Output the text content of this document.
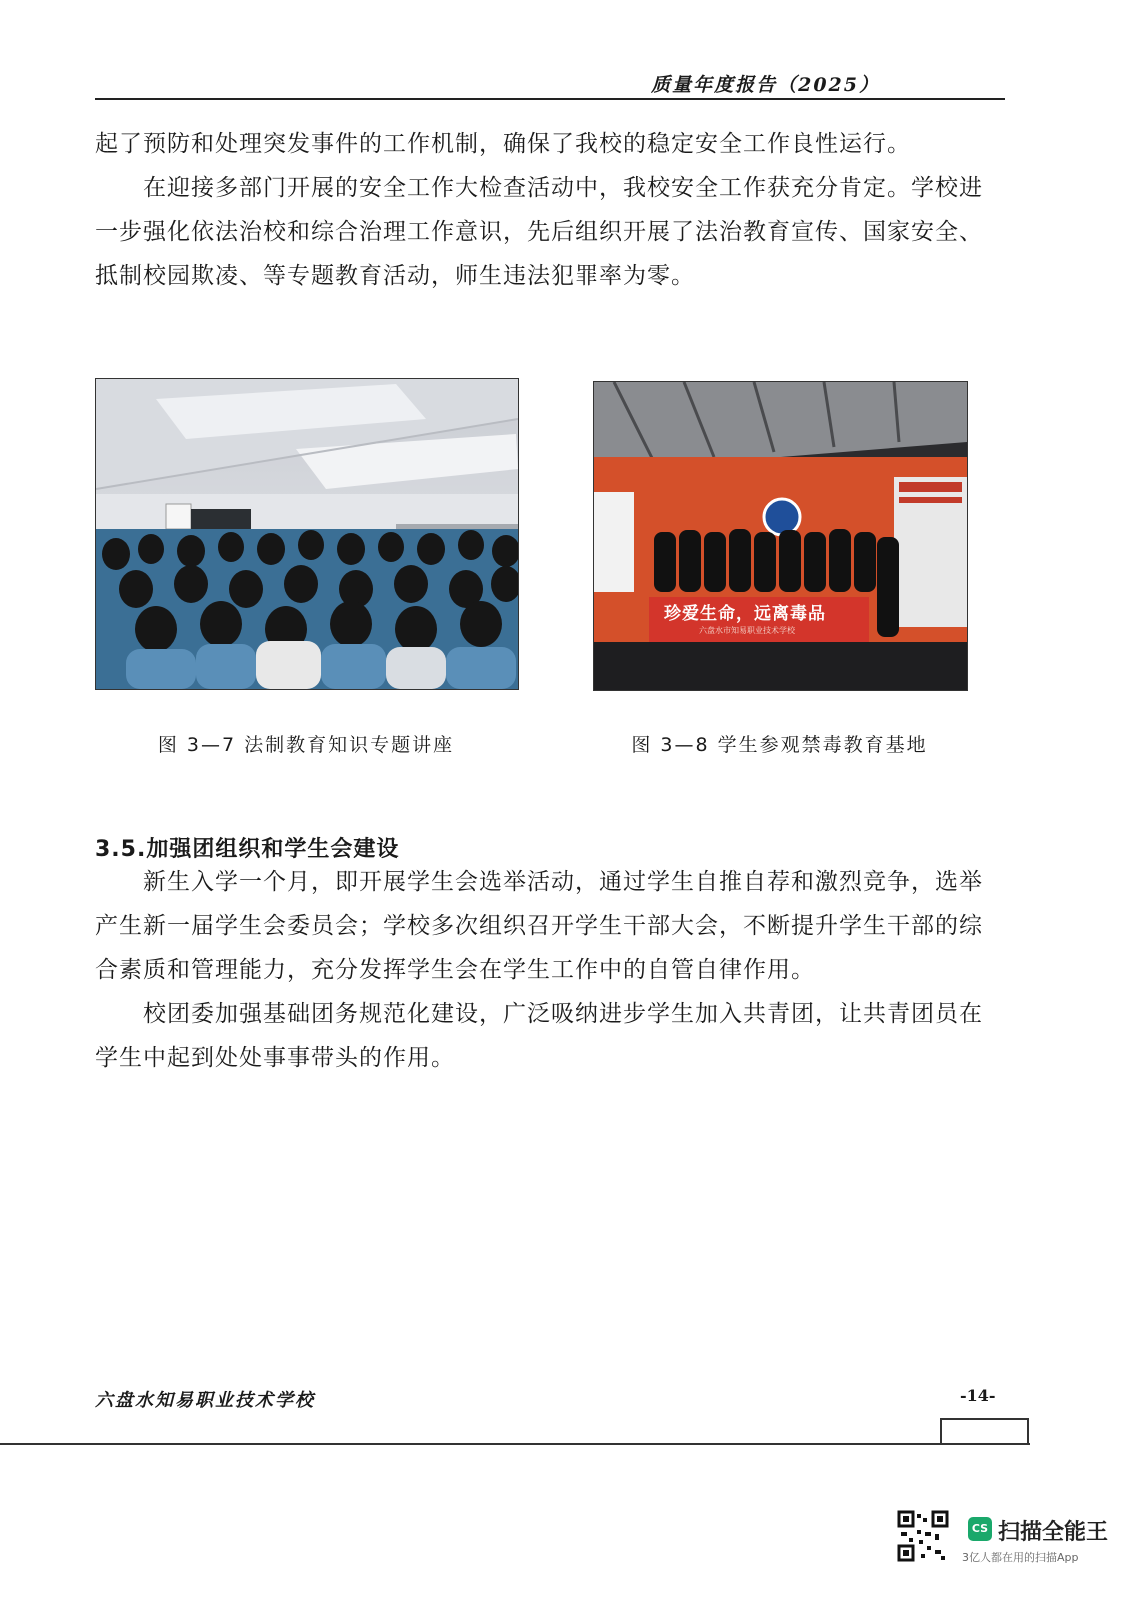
质量年度报告（2025）

起了预防和处理突发事件的工作机制，确保了我校的稳定安全工作良性运行。

在迎接多部门开展的安全工作大检查活动中，我校安全工作获充分肯定。学校进一步强化依法治校和综合治理工作意识，先后组织开展了法治教育宣传、国家安全、抵制校园欺凌、等专题教育活动，师生违法犯罪率为零。

珍爱生命，远离毒品
六盘水市知易职业技术学校
图 3—7 法制教育知识专题讲座	图 3—8 学生参观禁毒教育基地
3.5.加强团组织和学生会建设

新生入学一个月，即开展学生会选举活动，通过学生自推自荐和激烈竞争，选举产生新一届学生会委员会；学校多次组织召开学生干部大会，不断提升学生干部的综合素质和管理能力，充分发挥学生会在学生工作中的自管自律作用。

校团委加强基础团务规范化建设，广泛吸纳进步学生加入共青团，让共青团员在学生中起到处处事事带头的作用。

六盘水知易职业技术学校	-14-
CS 扫描全能王
3亿人都在用的扫描App
